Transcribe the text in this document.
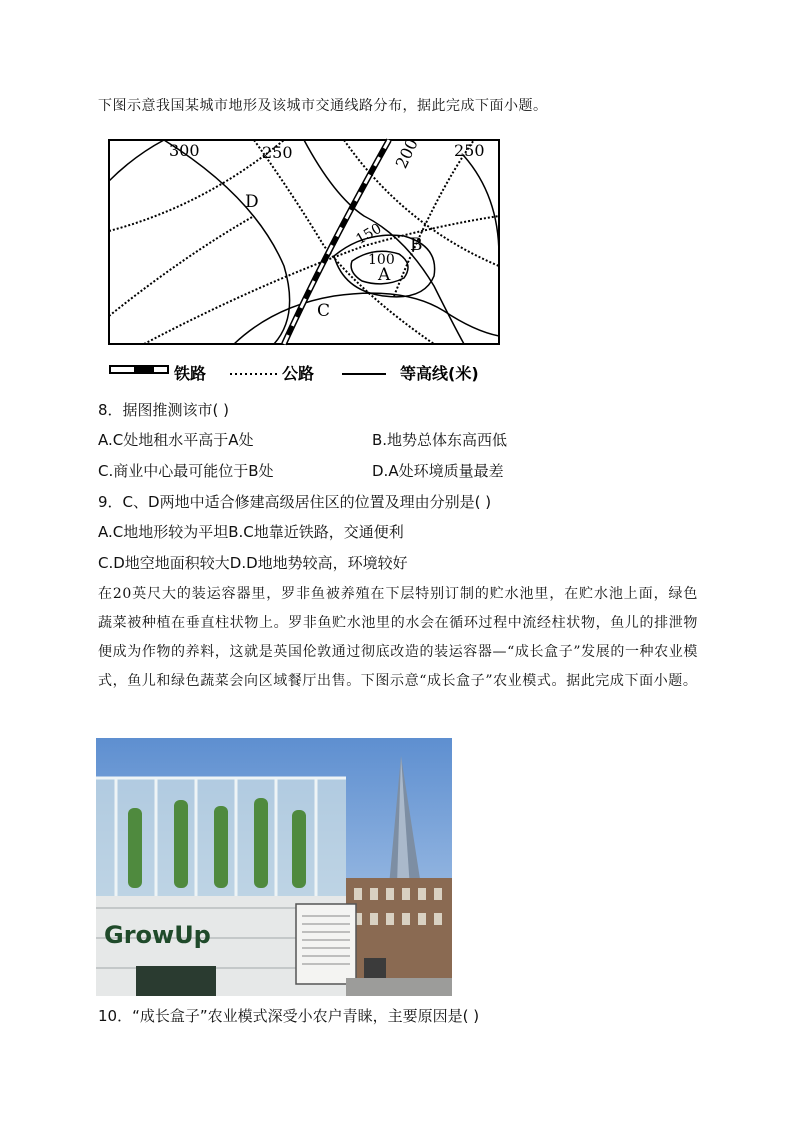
下图示意我国某城市地形及该城市交通线路分布，据此完成下面小题。
300	250	200 250
150
100
D
B
A
C
铁路	公路	等高线(米)
8．据图推测该市( )
A.C处地租水平高于A处	B.地势总体东高西低
C.商业中心最可能位于B处	D.A处环境质量最差
9．C、D两地中适合修建高级居住区的位置及理由分别是( )
A.C地地形较为平坦B.C地靠近铁路，交通便利
C.D地空地面积较大D.D地地势较高，环境较好
在20英尺大的装运容器里，罗非鱼被养殖在下层特别订制的贮水池里，在贮水池上面，绿色蔬菜被种植在垂直柱状物上。罗非鱼贮水池里的水会在循环过程中流经柱状物，鱼儿的排泄物便成为作物的养料，这就是英国伦敦通过彻底改造的装运容器—“成长盒子”发展的一种农业模式，鱼儿和绿色蔬菜会向区域餐厅出售。下图示意“成长盒子”农业模式。据此完成下面小题。
GrowUp
10．“成长盒子”农业模式深受小农户青睐，主要原因是( )
